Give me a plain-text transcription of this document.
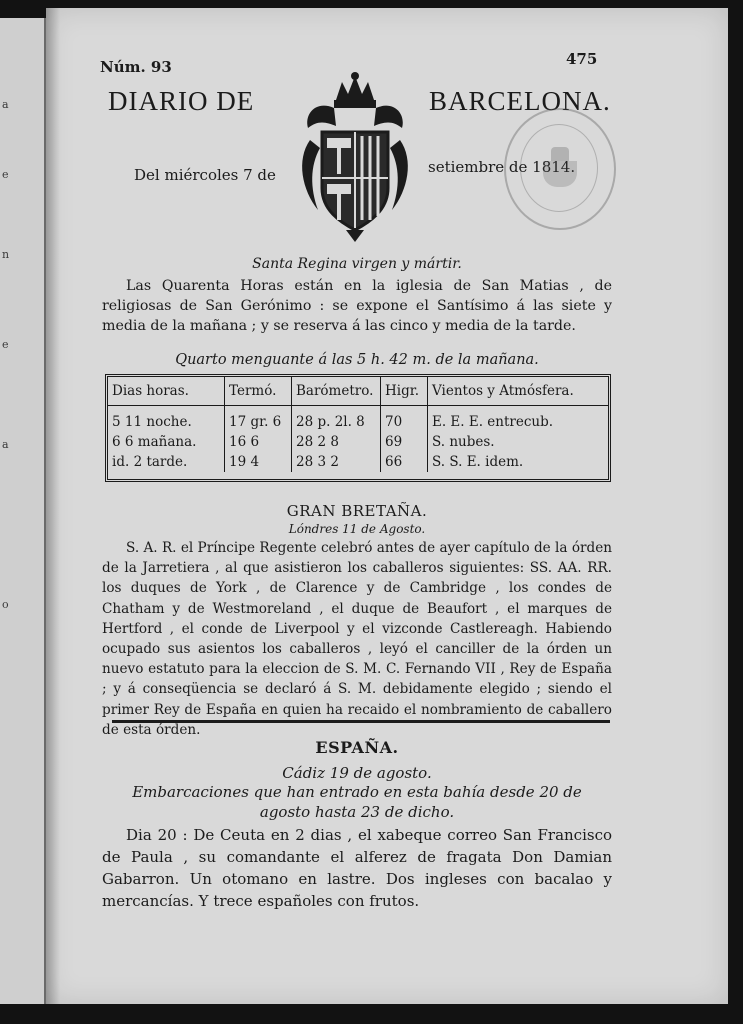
a
e
n
e
a
o
Núm. 93	475
DIARIO DE	BARCELONA.
Del miércoles 7 de	setiembre de 1814.
Santa Regina virgen y mártir.
Las Quarenta Horas están en la iglesia de San Matias , de religiosas de San Gerónimo : se expone el Santísimo á las siete y media de la mañana ; y se reserva á las cinco y media de la tarde.
Quarto menguante á las 5 h. 42 m. de la mañana.
Dias horas.	Termó.	Barómetro.	Higr.	Vientos y Atmósfera.
5 11 noche.	17 gr. 6	28 p. 2l. 8	70	E. E. E. entrecub.
6 6 mañana.	16 6	28 2 8	69	S. nubes.
id. 2 tarde.	19 4	28 3 2	66	S. S. E. idem.
GRAN BRETAÑA.
Lóndres 11 de Agosto.
S. A. R. el Príncipe Regente celebró antes de ayer capítulo de la órden de la Jarretiera , al que asistieron los caballeros siguientes: SS. AA. RR. los duques de York , de Clarence y de Cambridge , los condes de Chatham y de Westmoreland , el duque de Beaufort , el marques de Hertford , el conde de Liverpool y el vizconde Castlereagh. Habiendo ocupado sus asientos los caballeros , leyó el canciller de la órden un nuevo estatuto para la eleccion de S. M. C. Fernando VII , Rey de España ; y á conseqüencia se declaró á S. M. debidamente elegido ; siendo el primer Rey de España en quien ha recaido el nombramiento de caballero de esta órden.
ESPAÑA.
Cádiz 19 de agosto.
Embarcaciones que han entrado en esta bahía desde 20 de agosto hasta 23 de dicho.
Dia 20 : De Ceuta en 2 dias , el xabeque correo San Francisco de Paula , su comandante el alferez de fragata Don Damian Gabarron. Un otomano en lastre. Dos ingleses con bacalao y mercancías. Y trece españoles con frutos.
